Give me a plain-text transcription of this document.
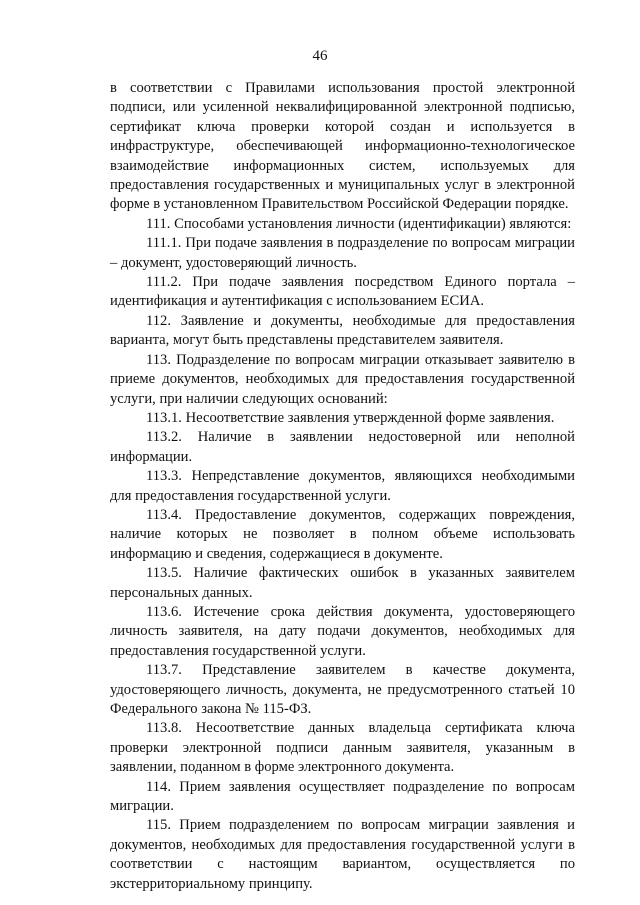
46

в соответствии с Правилами использования простой электронной подписи, или усиленной неквалифицированной электронной подписью, сертификат ключа проверки которой создан и используется в инфраструктуре, обеспечивающей информационно-технологическое взаимодействие информационных систем, используемых для предоставления государственных и муниципальных услуг в электронной форме в установленном Правительством Российской Федерации порядке.

111. Способами установления личности (идентификации) являются:

111.1. При подаче заявления в подразделение по вопросам миграции – документ, удостоверяющий личность.

111.2. При подаче заявления посредством Единого портала – идентификация и аутентификация с использованием ЕСИА.

112. Заявление и документы, необходимые для предоставления варианта, могут быть представлены представителем заявителя.

113. Подразделение по вопросам миграции отказывает заявителю в приеме документов, необходимых для предоставления государственной услуги, при наличии следующих оснований:

113.1. Несоответствие заявления утвержденной форме заявления.

113.2. Наличие в заявлении недостоверной или неполной информации.

113.3. Непредставление документов, являющихся необходимыми для предоставления государственной услуги.

113.4. Предоставление документов, содержащих повреждения, наличие которых не позволяет в полном объеме использовать информацию и сведения, содержащиеся в документе.

113.5. Наличие фактических ошибок в указанных заявителем персональных данных.

113.6. Истечение срока действия документа, удостоверяющего личность заявителя, на дату подачи документов, необходимых для предоставления государственной услуги.

113.7. Представление заявителем в качестве документа, удостоверяющего личность, документа, не предусмотренного статьей 10 Федерального закона № 115-ФЗ.

113.8. Несоответствие данных владельца сертификата ключа проверки электронной подписи данным заявителя, указанным в заявлении, поданном в форме электронного документа.

114. Прием заявления осуществляет подразделение по вопросам миграции.

115. Прием подразделением по вопросам миграции заявления и документов, необходимых для предоставления государственной услуги в соответствии с настоящим вариантом, осуществляется по экстерриториальному принципу.
